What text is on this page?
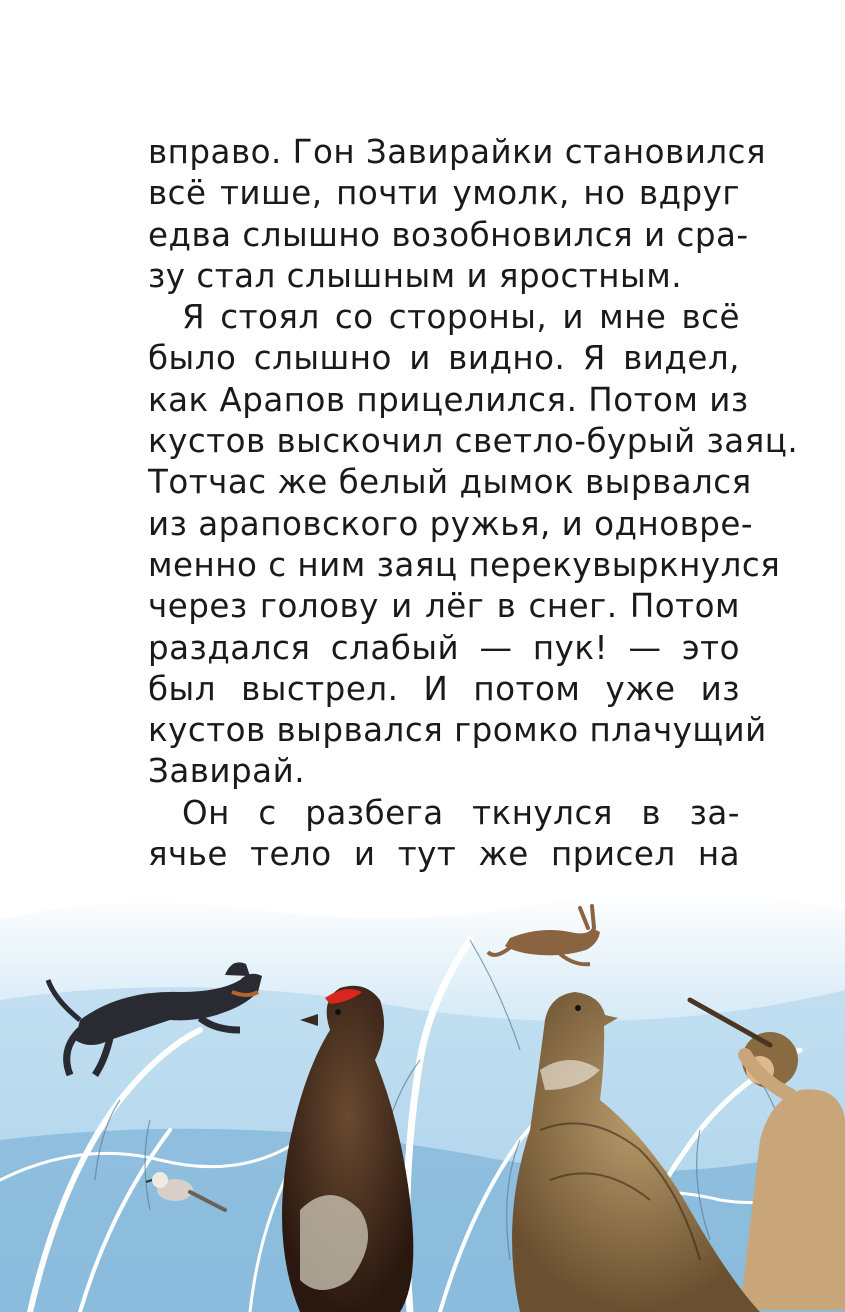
вправо. Гон Завирайки становился
всё тише, почти умолк, но вдруг
едва слышно возобновился и сра-
зу стал слышным и яростным.
Я стоял со стороны, и мне всё
было слышно и видно. Я видел,
как Арапов прицелился. Потом из
кустов выскочил светло-бурый заяц.
Тотчас же белый дымок вырвался
из араповского ружья, и одновре-
менно с ним заяц перекувыркнулся
через голову и лёг в снег. Потом
раздался слабый — пук! — это
был выстрел. И потом уже из
кустов вырвался громко плачущий
Завирай.
Он с разбега ткнулся в за-
ячье тело и тут же присел на
